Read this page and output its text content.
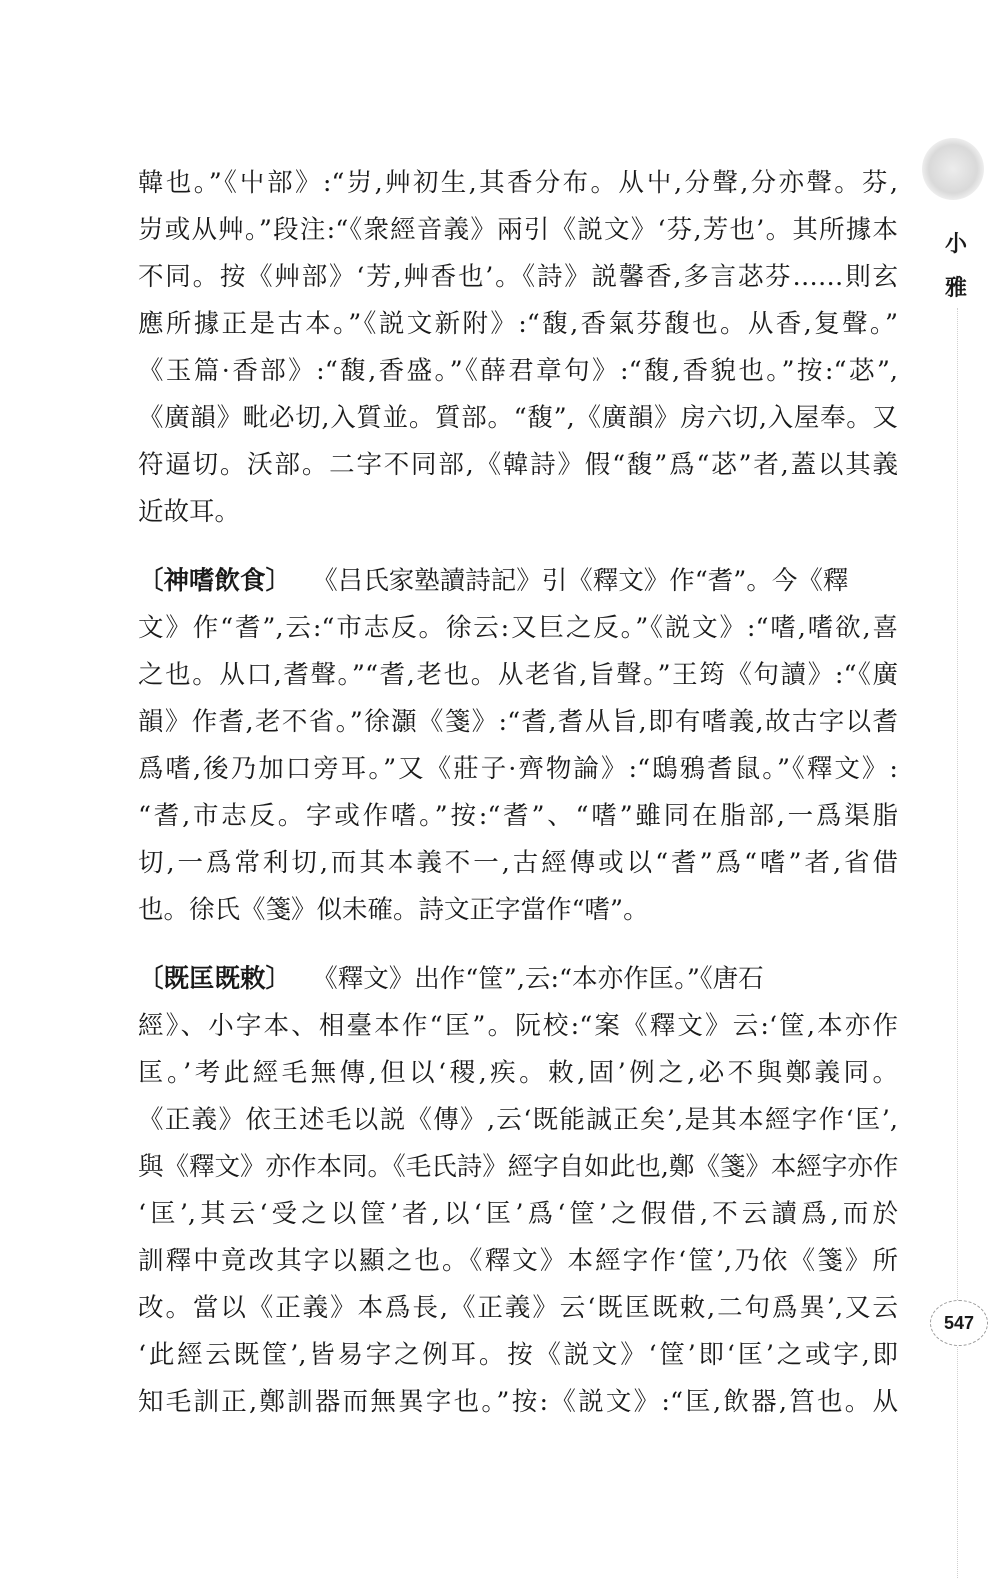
小
雅
547
韓也。”《屮部》:“岃,艸初生,其香分布。从屮,分聲,分亦聲。芬,
岃或从艸。”段注:“《衆經音義》兩引《説文》‘芬,芳也’。其所據本
不同。按《艸部》‘芳,艸香也’。《詩》説馨香,多言苾芬……則玄
應所據正是古本。”《説文新附》:“馥,香氣芬馥也。从香,复聲。”
《玉篇·香部》:“馥,香盛。”《薛君章句》:“馥,香貌也。”按:“苾”,
《廣韻》毗必切,入質並。質部。“馥”,《廣韻》房六切,入屋奉。又
符逼切。沃部。二字不同部,《韓詩》假“馥”爲“苾”者,蓋以其義
近故耳。
〔神嗜飲食〕 《吕氏家塾讀詩記》引《釋文》作“耆”。今《釋
文》作“耆”,云:“市志反。徐云:又巨之反。”《説文》:“嗜,嗜欲,喜
之也。从口,耆聲。”“耆,老也。从老省,旨聲。”王筠《句讀》:“《廣
韻》作耆,老不省。”徐灝《箋》:“耆,耆从旨,即有嗜義,故古字以耆
爲嗜,後乃加口旁耳。”又《莊子·齊物論》:“鴟鴉耆鼠。”《釋文》:
“耆,市志反。字或作嗜。”按:“耆”、“嗜”雖同在脂部,一爲渠脂
切,一爲常利切,而其本義不一,古經傳或以“耆”爲“嗜”者,省借
也。徐氏《箋》似未確。詩文正字當作“嗜”。
〔既匡既敕〕 《釋文》出作“筐”,云:“本亦作匡。”《唐石
經》、小字本、相臺本作“匡”。阮校:“案《釋文》云:‘筐,本亦作
匡。’考此經毛無傳,但以‘稷,疾。敕,固’例之,必不與鄭義同。
《正義》依王述毛以説《傳》,云‘既能誠正矣’,是其本經字作‘匡’,
與《釋文》亦作本同。《毛氏詩》經字自如此也,鄭《箋》本經字亦作
‘匡’,其云‘受之以筐’者,以‘匡’爲‘筐’之假借,不云讀爲,而於
訓釋中竟改其字以顯之也。《釋文》本經字作‘筐’,乃依《箋》所
改。當以《正義》本爲長,《正義》云‘既匡既敕,二句爲異’,又云
‘此經云既筐’,皆易字之例耳。按《説文》‘筐’即‘匡’之或字,即
知毛訓正,鄭訓器而無異字也。”按:《説文》:“匡,飲器,筥也。从
